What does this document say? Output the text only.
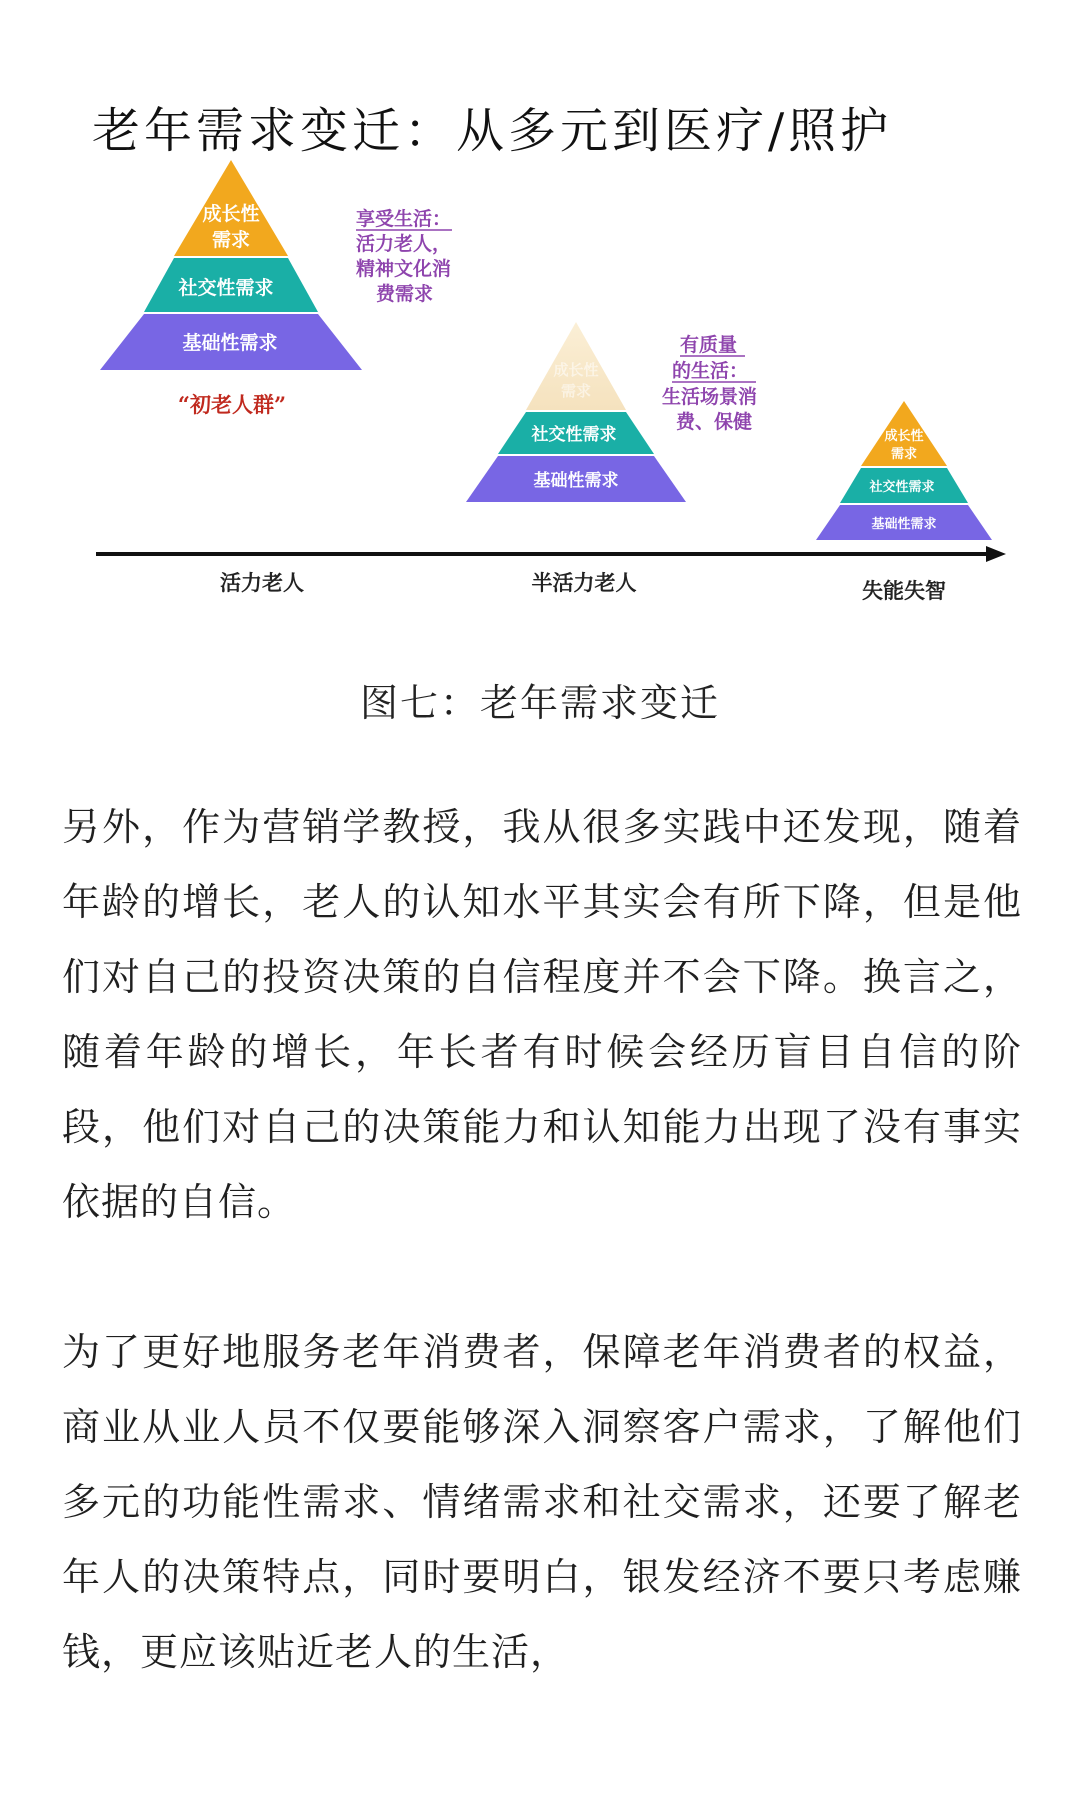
老年需求变迁：从多元到医疗/照护
成长性
需求
社交性需求
基础性需求
“初老人群”
享受生活：
活力老人，
精神文化消
费需求
成长性
需求
社交性需求
基础性需求
有质量
的生活：
生活场景消
费、保健
成长性
需求
社交性需求
基础性需求
活力老人	半活力老人	失能失智
图七：老年需求变迁

另外，作为营销学教授，我从很多实践中还发现，随着年龄的增长，老人的认知水平其实会有所下降，但是他们对自己的投资决策的自信程度并不会下降。换言之，随着年龄的增长，年长者有时候会经历盲目自信的阶段，他们对自己的决策能力和认知能力出现了没有事实依据的自信。

为了更好地服务老年消费者，保障老年消费者的权益，商业从业人员不仅要能够深入洞察客户需求，了解他们多元的功能性需求、情绪需求和社交需求，还要了解老年人的决策特点，同时要明白，银发经济不要只考虑赚钱，更应该贴近老人的生活，
